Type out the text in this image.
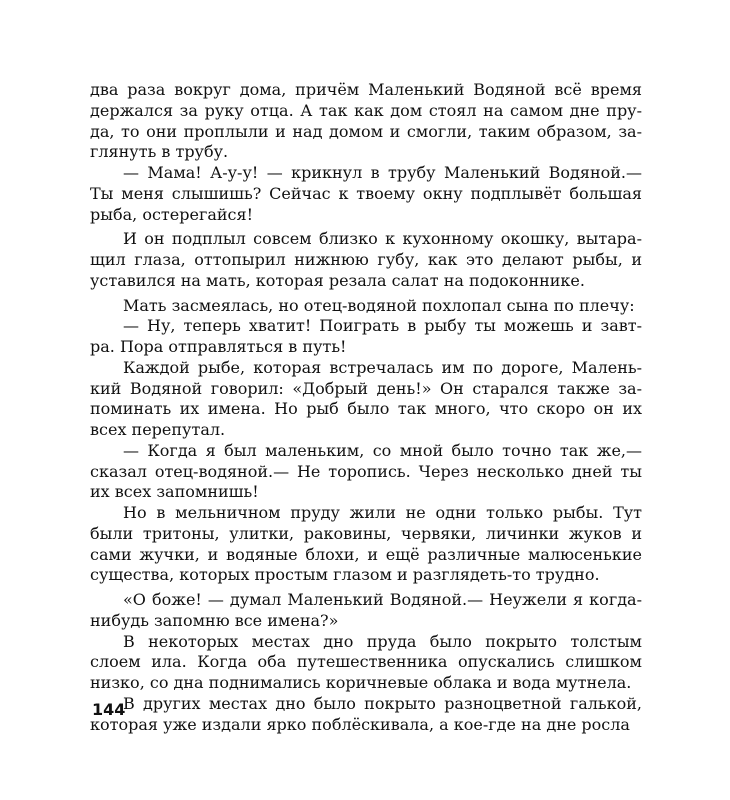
два раза вокруг дома, причём Маленький Водяной всё время
держался за руку отца. А так как дом стоял на самом дне пру-
да, то они проплыли и над домом и смогли, таким образом, за-
глянуть в трубу.
— Мама! А-у-у! — крикнул в трубу Маленький Водяной.—
Ты меня слышишь? Сейчас к твоему окну подплывёт большая
рыба, остерегайся!
И он подплыл совсем близко к кухонному окошку, вытара-
щил глаза, оттопырил нижнюю губу, как это делают рыбы, и
уставился на мать, которая резала салат на подоконнике.
Мать засмеялась, но отец-водяной похлопал сына по плечу:
— Ну, теперь хватит! Поиграть в рыбу ты можешь и завт-
ра. Пора отправляться в путь!
Каждой рыбе, которая встречалась им по дороге, Малень-
кий Водяной говорил: «Добрый день!» Он старался также за-
поминать их имена. Но рыб было так много, что скоро он их
всех перепутал.
— Когда я был маленьким, со мной было точно так же,—
сказал отец-водяной.— Не торопись. Через несколько дней ты
их всех запомнишь!
Но в мельничном пруду жили не одни только рыбы. Тут
были тритоны, улитки, раковины, червяки, личинки жуков и
сами жучки, и водяные блохи, и ещё различные малюсенькие
существа, которых простым глазом и разглядеть-то трудно.
«О боже! — думал Маленький Водяной.— Неужели я когда-
нибудь запомню все имена?»
В некоторых местах дно пруда было покрыто толстым
слоем ила. Когда оба путешественника опускались слишком
низко, со дна поднимались коричневые облака и вода мутнела.
В других местах дно было покрыто разноцветной галькой,
которая уже издали ярко поблёскивала, а кое-где на дне росла
144
